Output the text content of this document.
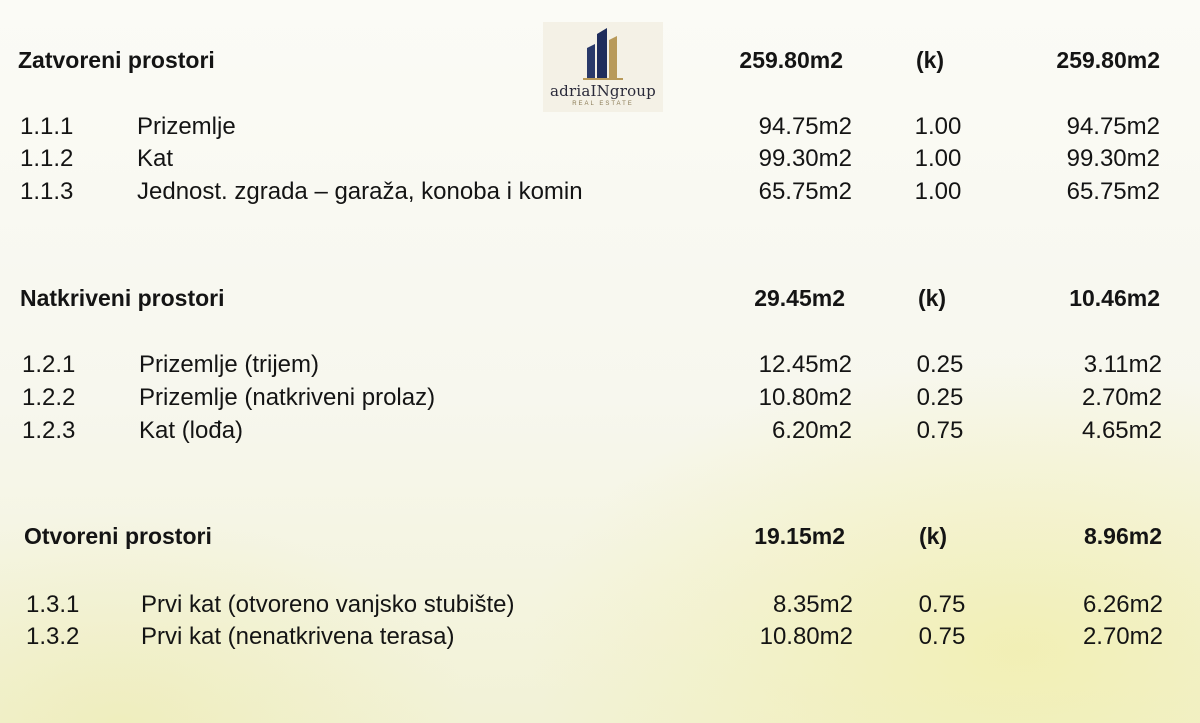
adriaINgroup
REAL ESTATE
Zatvoreni prostori	259.80m2	(k)	259.80m2
1.1.1	Prizemlje	94.75m2	1.00	94.75m2
1.1.2	Kat	99.30m2	1.00	99.30m2
1.1.3	Jednost. zgrada – garaža, konoba i komin	65.75m2	1.00	65.75m2
Natkriveni prostori	29.45m2	(k)	10.46m2
1.2.1	Prizemlje (trijem)	12.45m2	0.25	3.11m2
1.2.2	Prizemlje (natkriveni prolaz)	10.80m2	0.25	2.70m2
1.2.3	Kat (lođa)	6.20m2	0.75	4.65m2
Otvoreni prostori	19.15m2	(k)	8.96m2
1.3.1	Prvi kat (otvoreno vanjsko stubište)	8.35m2	0.75	6.26m2
1.3.2	Prvi kat (nenatkrivena terasa)	10.80m2	0.75	2.70m2
